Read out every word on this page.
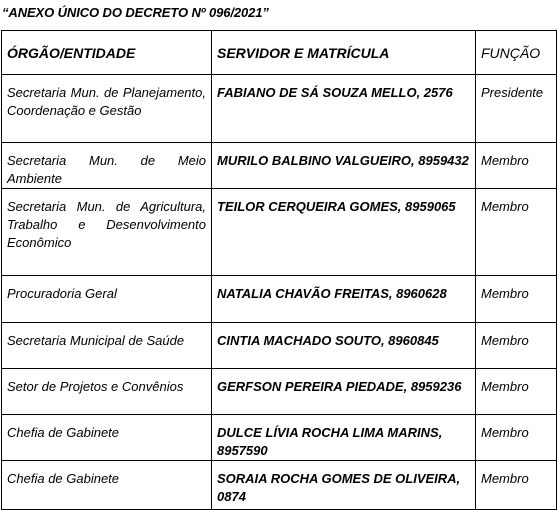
“ANEXO ÚNICO DO DECRETO Nº 096/2021”
ÓRGÃO/ENTIDADE	SERVIDOR E MATRÍCULA	FUNÇÃO
Secretaria Mun. de Planejamento, Coordenação e Gestão	FABIANO DE SÁ SOUZA MELLO, 2576	Presidente
Secretaria Mun. de Meio Ambiente	MURILO BALBINO VALGUEIRO, 8959432	Membro
Secretaria Mun. de Agricultura, Trabalho e Desenvolvimento Econômico	TEILOR CERQUEIRA GOMES, 8959065	Membro
Procuradoria Geral	NATALIA CHAVÃO FREITAS, 8960628	Membro
Secretaria Municipal de Saúde	CINTIA MACHADO SOUTO, 8960845	Membro
Setor de Projetos e Convênios	GERFSON PEREIRA PIEDADE, 8959236	Membro
Chefia de Gabinete	DULCE LÍVIA ROCHA LIMA MARINS, 8957590	Membro
Chefia de Gabinete	SORAIA ROCHA GOMES DE OLIVEIRA, 0874	Membro
